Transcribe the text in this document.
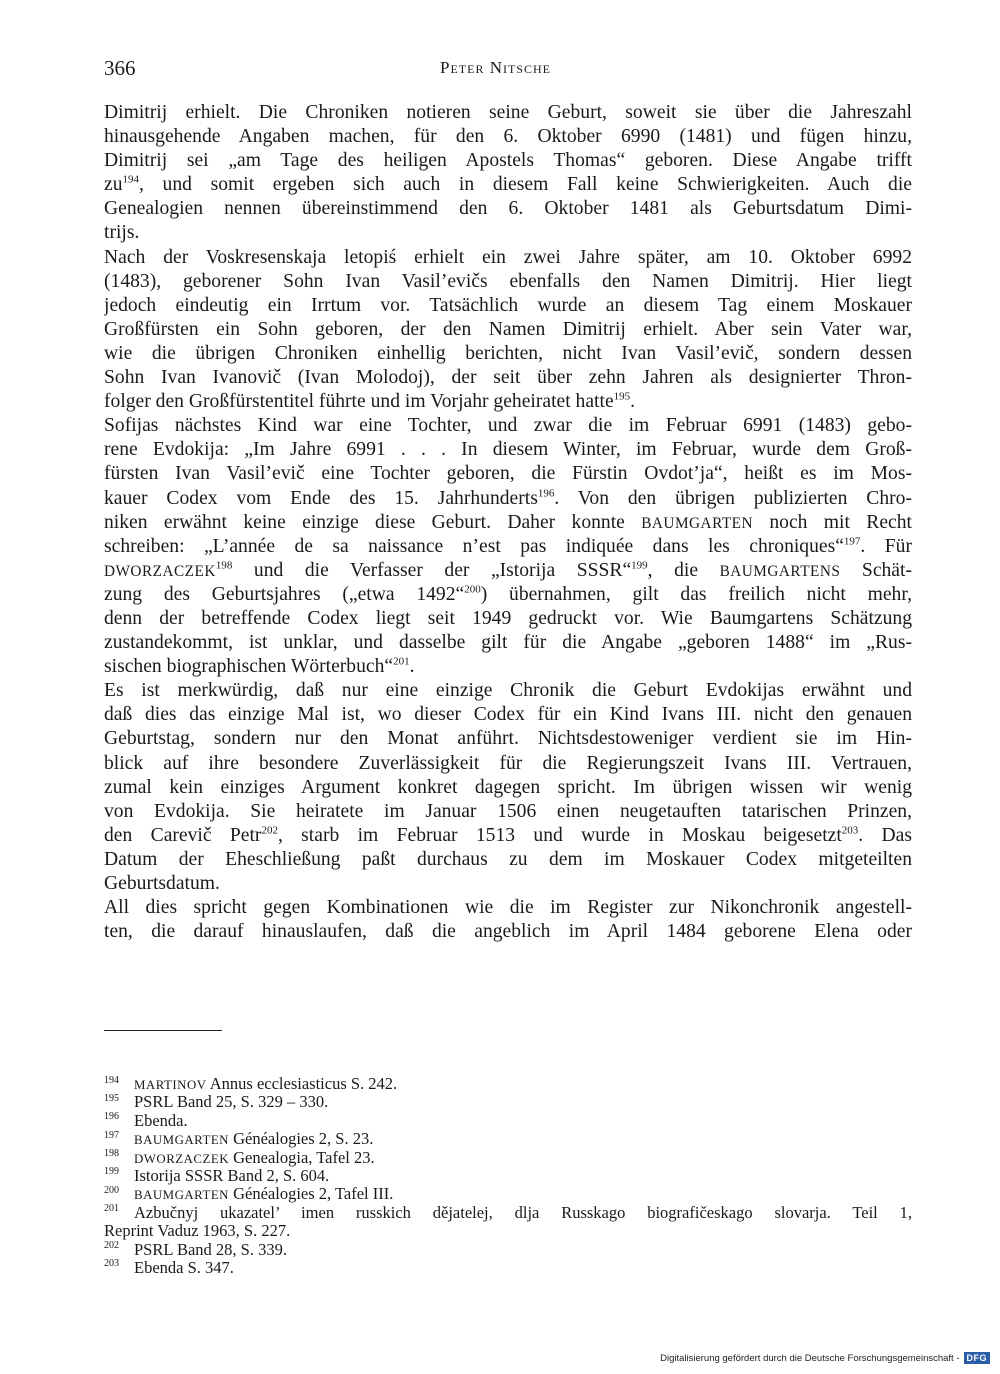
366	Peter Nitsche
Dimitrij erhielt. Die Chroniken notieren seine Geburt, soweit sie über die Jahreszahl
hinausgehende Angaben machen, für den 6. Oktober 6990 (1481) und fügen hinzu,
Dimitrij sei „am Tage des heiligen Apostels Thomas“ geboren. Diese Angabe trifft
$zu^{194}$, und somit ergeben sich auch in diesem Fall keine Schwierigkeiten. Auch die
Genealogien nennen übereinstimmend den 6. Oktober 1481 als Geburtsdatum Dimi-
trijs.
Nach der Voskresenskaja letopiś erhielt ein zwei Jahre später, am 10. Oktober 6992
(1483), geborener Sohn Ivan Vasil’evičs ebenfalls den Namen Dimitrij. Hier liegt
jedoch eindeutig ein Irrtum vor. Tatsächlich wurde an diesem Tag einem Moskauer
Großfürsten ein Sohn geboren, der den Namen Dimitrij erhielt. Aber sein Vater war,
wie die übrigen Chroniken einhellig berichten, nicht Ivan Vasil’evič, sondern dessen
Sohn Ivan Ivanovič (Ivan Molodoj), der seit über zehn Jahren als designierter Thron-
folger den Großfürstentitel führte und im Vorjahr geheiratet hatte$^{195}$.
Sofijas nächstes Kind war eine Tochter, und zwar die im Februar 6991 (1483) gebo-
rene Evdokija: „Im Jahre 6991 . . . In diesem Winter, im Februar, wurde dem Groß-
fürsten Ivan Vasil’evič eine Tochter geboren, die Fürstin Ovdot’ja“, heißt es im Mos-
kauer Codex vom Ende des 15. Jahrhunderts$^{196}$. Von den übrigen publizierten Chro-
niken erwähnt keine einzige diese Geburt. Daher konnte BAUMGARTEN noch mit Recht
schreiben: „L’année de sa naissance n’est pas indiquée dans les chroniques“$^{197}$. Für
DWORZACZEK$^{198}$ und die Verfasser der „Istorija SSSR“$^{199}$, die BAUMGARTENS Schät-
zung des Geburtsjahres („etwa 1492“$^{200}$) übernahmen, gilt das freilich nicht mehr,
denn der betreffende Codex liegt seit 1949 gedruckt vor. Wie Baumgartens Schätzung
zustandekommt, ist unklar, und dasselbe gilt für die Angabe „geboren 1488“ im „Rus-
sischen biographischen Wörterbuch“$^{201}$.
Es ist merkwürdig, daß nur eine einzige Chronik die Geburt Evdokijas erwähnt und
daß dies das einzige Mal ist, wo dieser Codex für ein Kind Ivans III. nicht den genauen
Geburtstag, sondern nur den Monat anführt. Nichtsdestoweniger verdient sie im Hin-
blick auf ihre besondere Zuverlässigkeit für die Regierungszeit Ivans III. Vertrauen,
zumal kein einziges Argument konkret dagegen spricht. Im übrigen wissen wir wenig
von Evdokija. Sie heiratete im Januar 1506 einen neugetauften tatarischen Prinzen,
den Carevič Petr$^{202}$, starb im Februar 1513 und wurde in Moskau beigesetzt$^{203}$. Das
Datum der Eheschließung paßt durchaus zu dem im Moskauer Codex mitgeteilten
Geburtsdatum.
All dies spricht gegen Kombinationen wie die im Register zur Nikonchronik angestell-
ten, die darauf hinauslaufen, daß die angeblich im April 1484 geborene Elena oder
194 MARTINOV Annus ecclesiasticus S. 242.
195 PSRL Band 25, S. 329 – 330.
196 Ebenda.
197 BAUMGARTEN Généalogies 2, S. 23.
198 DWORZACZEK Genealogia, Tafel 23.
199 Istorija SSSR Band 2, S. 604.
200 BAUMGARTEN Généalogies 2, Tafel III.
201 Azbučnyj ukazatel’ imen russkich dějatelej, dlja Russkago biografičeskago slovarja. Teil 1,
Reprint Vaduz 1963, S. 227.
202 PSRL Band 28, S. 339.
203 Ebenda S. 347.
Digitalisierung gefördert durch die Deutsche Forschungsgemeinschaft - DFG
